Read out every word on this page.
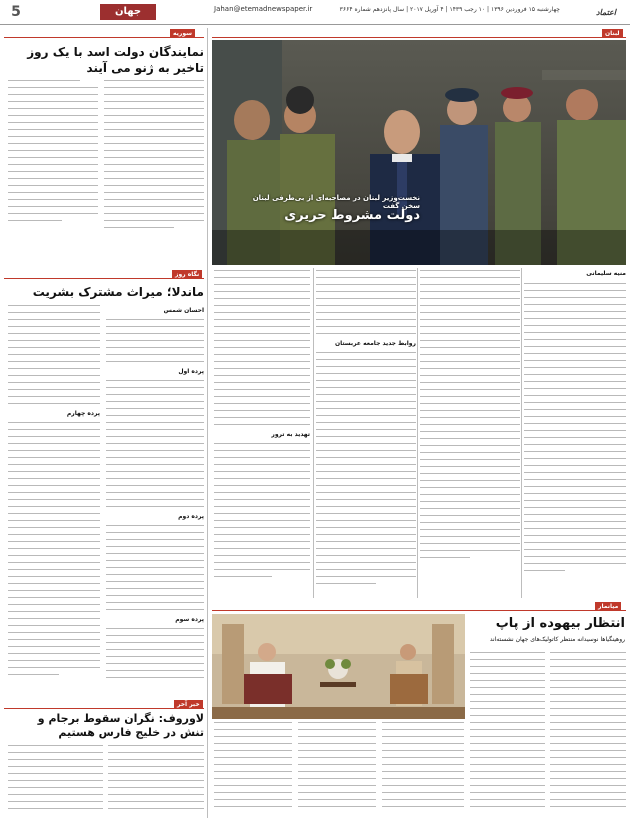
5	جهان	Jahan@etemadnewspaper.ir	چهارشنبه ۱۵ فروردین ۱۳۹۶ | ۱۰ رجب ۱۴۳۹ | ۴ آوریل ۲۰۱۷ | سال پانزدهم شماره ۳۶۶۴	اعتماد
سوریه
نمایندگان دولت اسد با یک روز تاخیر به ژنو می آیند
نگاه روز
ماندلا؛ میراث مشترک بشریت
پرده چهارم
احسان شمس
پرده اول
پرده دوم
پرده سوم
خبر آخر
لاوروف: نگران سقوط برجام و تنش در خلیج فارس هستیم
لبنان
نخست‌وزیر لبنان در مصاحبه‌ای از بی‌طرفی لبنان سخن گفت
دولت مشروط حریری
تهدید به ترور
روابط جدید جامعه عربستان
منیه سلیمانی
میانمار
انتظار بیهوده از پاپ
روهینگیاها نوسیدانه منتظر کاتولیک‌های جهان نشسته‌اند
